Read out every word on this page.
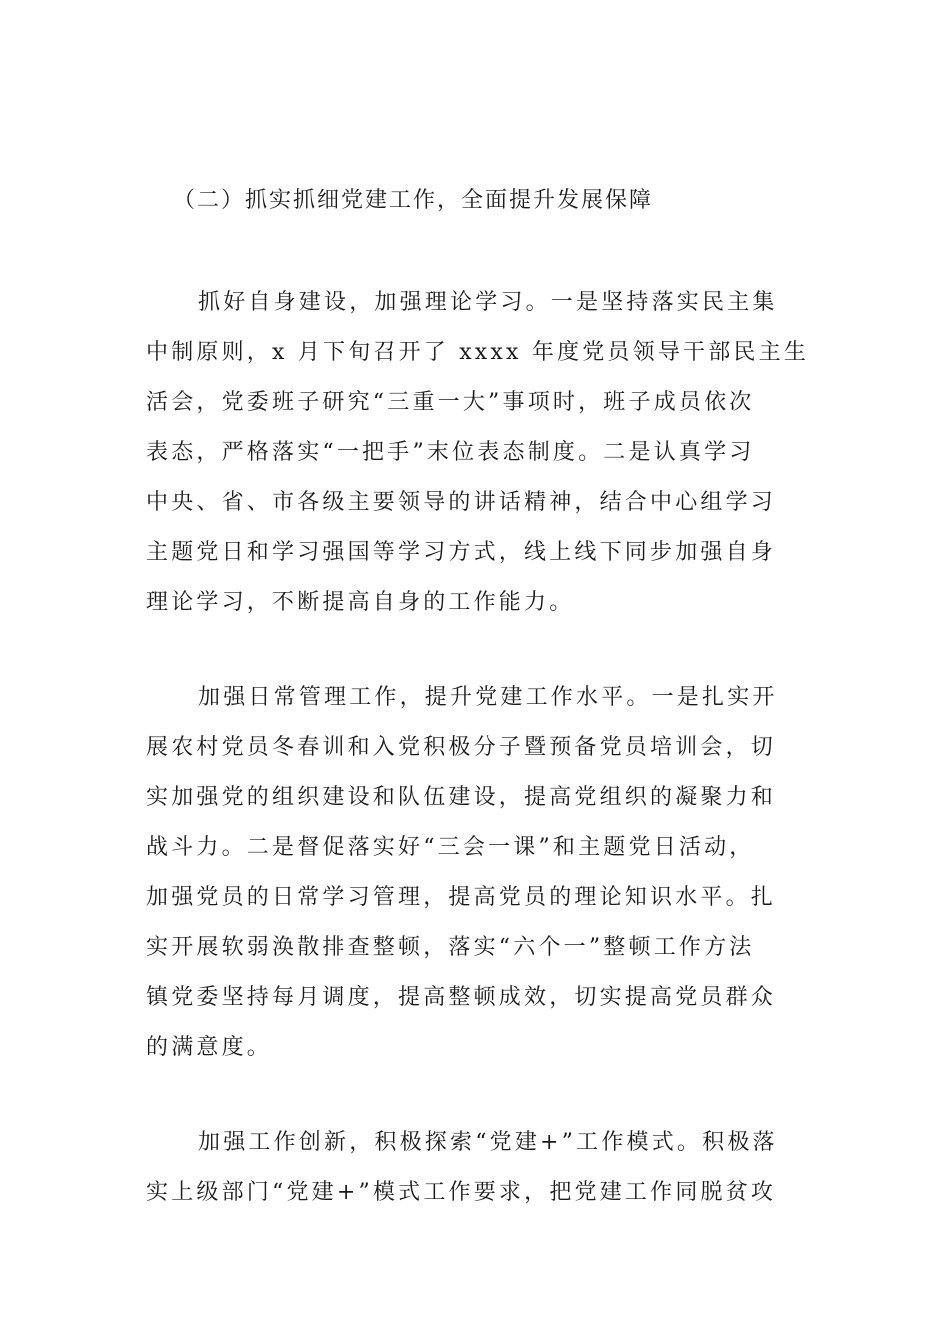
（二）抓实抓细党建工作，全面提升发展保障
抓好自身建设，加强理论学习。一是坚持落实民主集
中制原则，x 月下旬召开了 xxxx 年度党员领导干部民主生
活会，党委班子研究“三重一大”事项时，班子成员依次
表态，严格落实“一把手”末位表态制度。二是认真学习
中央、省、市各级主要领导的讲话精神，结合中心组学习
主题党日和学习强国等学习方式，线上线下同步加强自身
理论学习，不断提高自身的工作能力。
加强日常管理工作，提升党建工作水平。一是扎实开
展农村党员冬春训和入党积极分子暨预备党员培训会，切
实加强党的组织建设和队伍建设，提高党组织的凝聚力和
战斗力。二是督促落实好“三会一课”和主题党日活动，
加强党员的日常学习管理，提高党员的理论知识水平。扎
实开展软弱涣散排查整顿，落实“六个一”整顿工作方法
镇党委坚持每月调度，提高整顿成效，切实提高党员群众
的满意度。
加强工作创新，积极探索“党建+”工作模式。积极落
实上级部门“党建+”模式工作要求，把党建工作同脱贫攻
